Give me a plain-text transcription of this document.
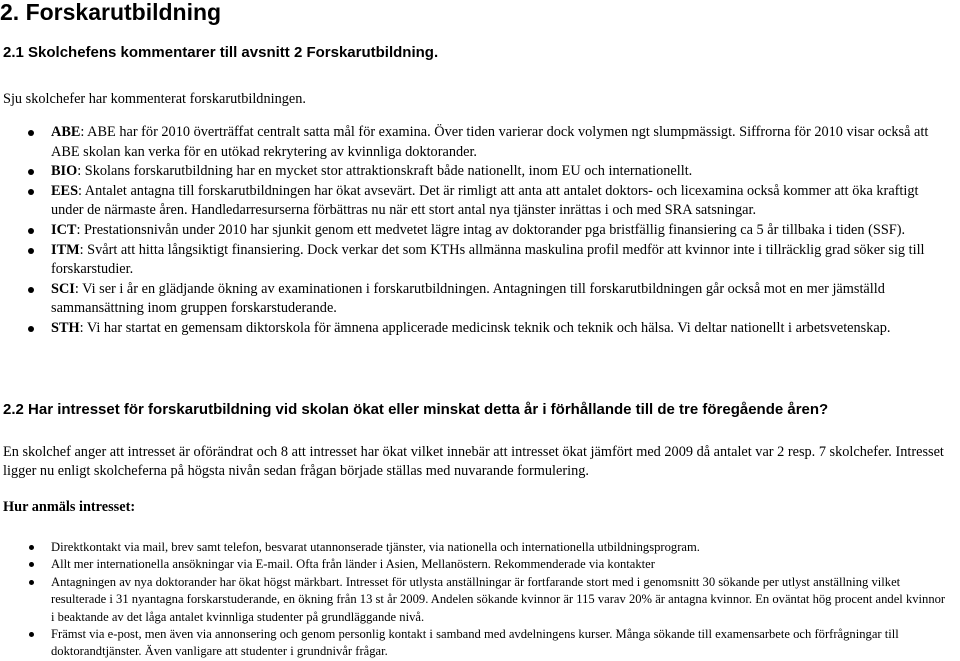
2. Forskarutbildning
2.1 Skolchefens kommentarer till avsnitt 2 Forskarutbildning.

Sju skolchefer har kommenterat forskarutbildningen.

ABE: ABE har för 2010 överträffat centralt satta mål för examina. Över tiden varierar dock volymen ngt slumpmässigt. Siffrorna för 2010 visar också att ABE skolan kan verka för en utökad rekrytering av kvinnliga doktorander.
BIO: Skolans forskarutbildning har en mycket stor attraktionskraft både nationellt, inom EU och internationellt.
EES: Antalet antagna till forskarutbildningen har ökat avsevärt. Det är rimligt att anta att antalet doktors- och licexamina också kommer att öka kraftigt under de närmaste åren. Handledarresurserna förbättras nu när ett stort antal nya tjänster inrättas i och med SRA satsningar.
ICT: Prestationsnivån under 2010 har sjunkit genom ett medvetet lägre intag av doktorander pga bristfällig finansiering ca 5 år tillbaka i tiden (SSF).
ITM: Svårt att hitta långsiktigt finansiering. Dock verkar det som KTHs allmänna maskulina profil medför att kvinnor inte i tillräcklig grad söker sig till forskarstudier.
SCI: Vi ser i år en glädjande ökning av examinationen i forskarutbildningen. Antagningen till forskarutbildningen går också mot en mer jämställd sammansättning inom gruppen forskarstuderande.
STH: Vi har startat en gemensam diktorskola för ämnena applicerade medicinsk teknik och teknik och hälsa. Vi deltar nationellt i arbetsvetenskap.
2.2 Har intresset för forskarutbildning vid skolan ökat eller minskat detta år i förhållande till de tre föregående åren?

En skolchef anger att intresset är oförändrat och 8 att intresset har ökat vilket innebär att intresset ökat jämfört med 2009 då antalet var 2 resp. 7 skolchefer. Intresset ligger nu enligt skolcheferna på högsta nivån sedan frågan började ställas med nuvarande formulering.

Hur anmäls intresset:

Direktkontakt via mail, brev samt telefon, besvarat utannonserade tjänster, via nationella och internationella utbildningsprogram.
Allt mer internationella ansökningar via E-mail. Ofta från länder i Asien, Mellanöstern. Rekommenderade via kontakter
Antagningen av nya doktorander har ökat högst märkbart. Intresset för utlysta anställningar är fortfarande stort med i genomsnitt 30 sökande per utlyst anställning vilket resulterade i 31 nyantagna forskarstuderande, en ökning från 13 st år 2009. Andelen sökande kvinnor är 115 varav 20% är antagna kvinnor. En oväntat hög procent andel kvinnor i beaktande av det låga antalet kvinnliga studenter på grundläggande nivå.
Främst via e-post, men även via annonsering och genom personlig kontakt i samband med avdelningens kurser. Många sökande till examensarbete och förfrågningar till doktorandtjänster. Även vanligare att studenter i grundnivår frågar.
